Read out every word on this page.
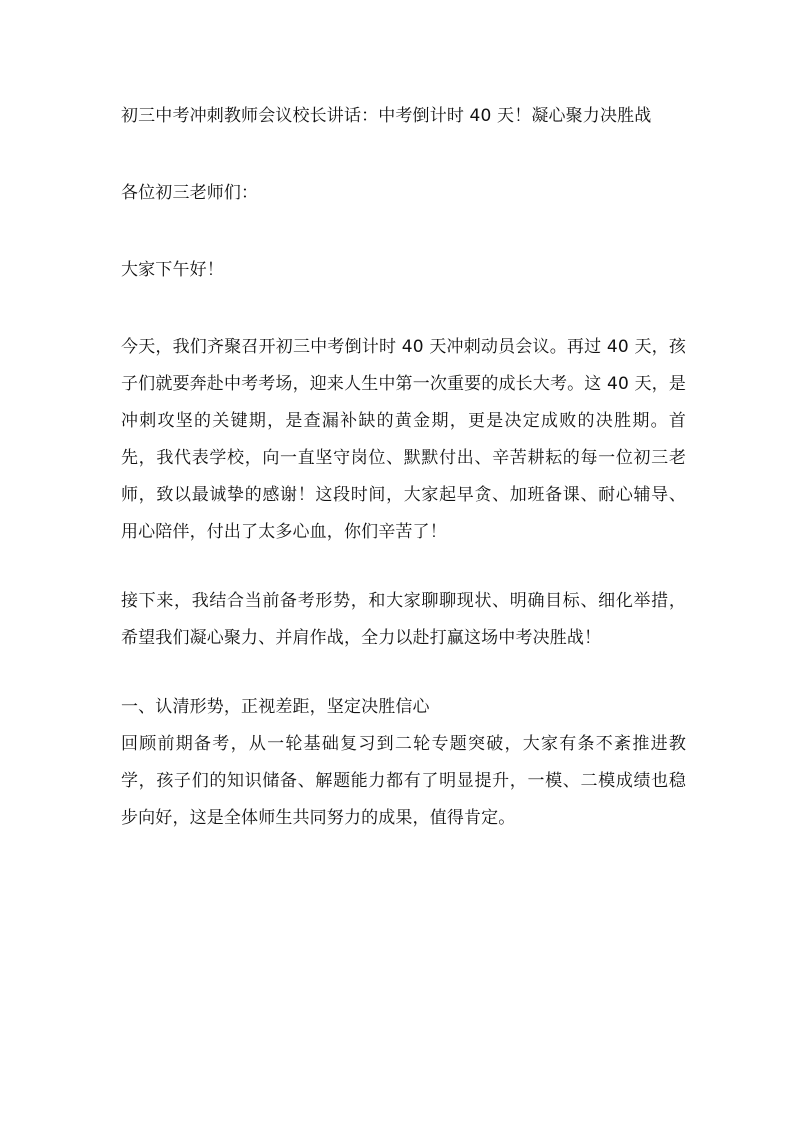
初三中考冲刺教师会议校长讲话：中考倒计时 40 天！凝心聚力决胜战

各位初三老师们：

大家下午好！

今天，我们齐聚召开初三中考倒计时 40 天冲刺动员会议。再过 40 天，孩子们就要奔赴中考考场，迎来人生中第一次重要的成长大考。这 40 天，是冲刺攻坚的关键期，是查漏补缺的黄金期，更是决定成败的决胜期。首先，我代表学校，向一直坚守岗位、默默付出、辛苦耕耘的每一位初三老师，致以最诚挚的感谢！这段时间，大家起早贪、加班备课、耐心辅导、用心陪伴，付出了太多心血，你们辛苦了！

接下来，我结合当前备考形势，和大家聊聊现状、明确目标、细化举措，希望我们凝心聚力、并肩作战，全力以赴打赢这场中考决胜战！

一、认清形势，正视差距，坚定决胜信心

回顾前期备考，从一轮基础复习到二轮专题突破，大家有条不紊推进教学，孩子们的知识储备、解题能力都有了明显提升，一模、二模成绩也稳步向好，这是全体师生共同努力的成果，值得肯定。
